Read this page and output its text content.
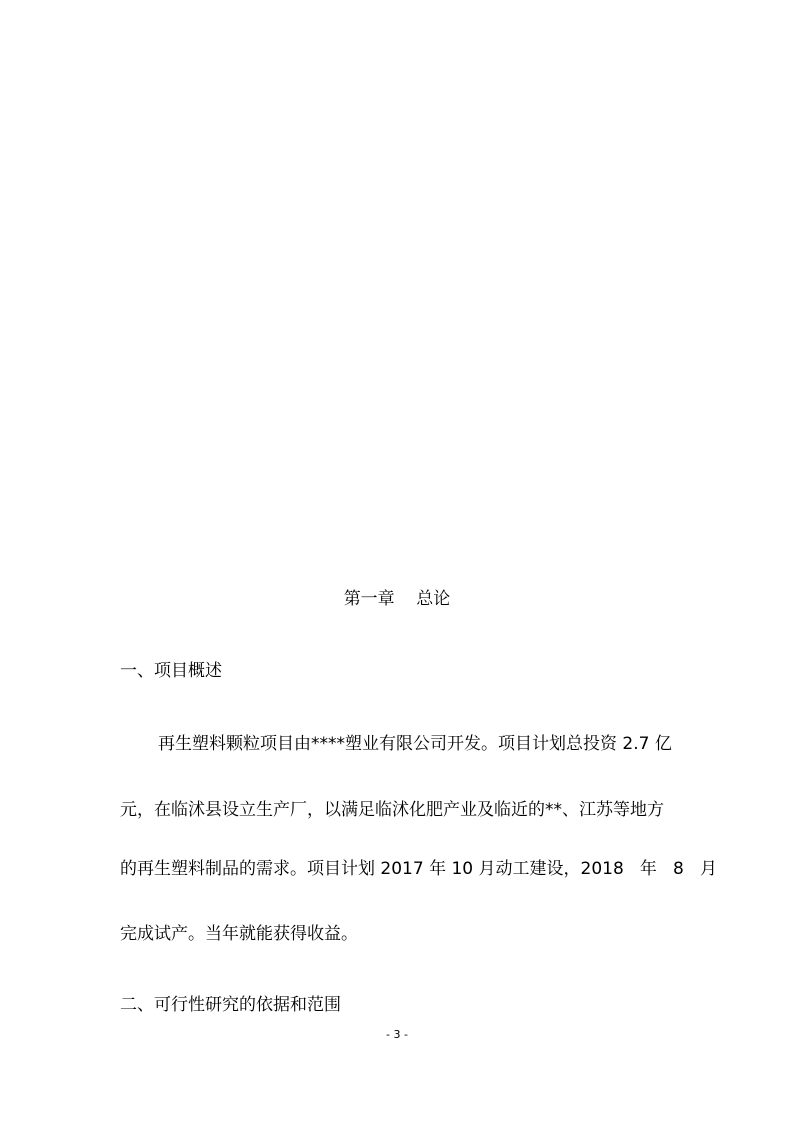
第一章    总论
一、项目概述
再生塑料颗粒项目由****塑业有限公司开发。项目计划总投资 2.7 亿
元，在临沭县设立生产厂，以满足临沭化肥产业及临近的**、江苏等地方
的再生塑料制品的需求。项目计划 2017 年 10 月动工建设，2018 年 8 月
完成试产。当年就能获得收益。
二、可行性研究的依据和范围
- 3 -
